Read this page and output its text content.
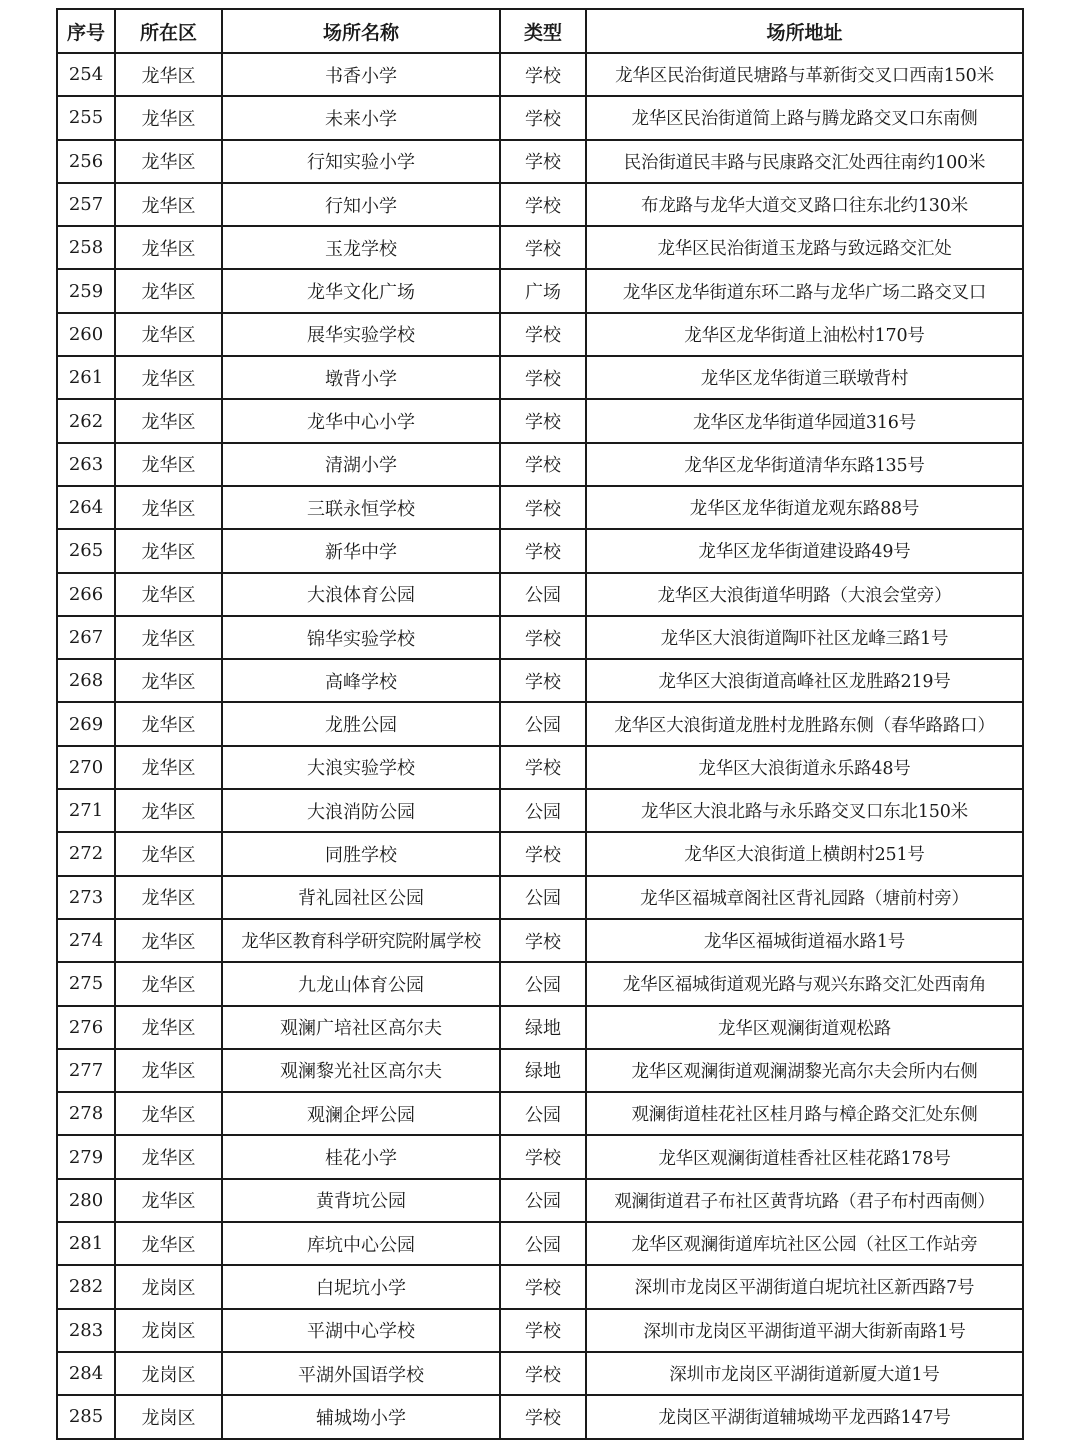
序号	所在区	场所名称	类型	场所地址
254	龙华区	书香小学	学校	龙华区民治街道民塘路与革新街交叉口西南150米
255	龙华区	未来小学	学校	龙华区民治街道简上路与腾龙路交叉口东南侧
256	龙华区	行知实验小学	学校	民治街道民丰路与民康路交汇处西往南约100米
257	龙华区	行知小学	学校	布龙路与龙华大道交叉路口往东北约130米
258	龙华区	玉龙学校	学校	龙华区民治街道玉龙路与致远路交汇处
259	龙华区	龙华文化广场	广场	龙华区龙华街道东环二路与龙华广场二路交叉口
260	龙华区	展华实验学校	学校	龙华区龙华街道上油松村170号
261	龙华区	墩背小学	学校	龙华区龙华街道三联墩背村
262	龙华区	龙华中心小学	学校	龙华区龙华街道华园道316号
263	龙华区	清湖小学	学校	龙华区龙华街道清华东路135号
264	龙华区	三联永恒学校	学校	龙华区龙华街道龙观东路88号
265	龙华区	新华中学	学校	龙华区龙华街道建设路49号
266	龙华区	大浪体育公园	公园	龙华区大浪街道华明路（大浪会堂旁）
267	龙华区	锦华实验学校	学校	龙华区大浪街道陶吓社区龙峰三路1号
268	龙华区	高峰学校	学校	龙华区大浪街道高峰社区龙胜路219号
269	龙华区	龙胜公园	公园	龙华区大浪街道龙胜村龙胜路东侧（春华路路口）
270	龙华区	大浪实验学校	学校	龙华区大浪街道永乐路48号
271	龙华区	大浪消防公园	公园	龙华区大浪北路与永乐路交叉口东北150米
272	龙华区	同胜学校	学校	龙华区大浪街道上横朗村251号
273	龙华区	背礼园社区公园	公园	龙华区福城章阁社区背礼园路（塘前村旁）
274	龙华区	龙华区教育科学研究院附属学校	学校	龙华区福城街道福水路1号
275	龙华区	九龙山体育公园	公园	龙华区福城街道观光路与观兴东路交汇处西南角
276	龙华区	观澜广培社区高尔夫	绿地	龙华区观澜街道观松路
277	龙华区	观澜黎光社区高尔夫	绿地	龙华区观澜街道观澜湖黎光高尔夫会所内右侧
278	龙华区	观澜企坪公园	公园	观澜街道桂花社区桂月路与樟企路交汇处东侧
279	龙华区	桂花小学	学校	龙华区观澜街道桂香社区桂花路178号
280	龙华区	黄背坑公园	公园	观澜街道君子布社区黄背坑路（君子布村西南侧）
281	龙华区	库坑中心公园	公园	龙华区观澜街道库坑社区公园（社区工作站旁
282	龙岗区	白坭坑小学	学校	深圳市龙岗区平湖街道白坭坑社区新西路7号
283	龙岗区	平湖中心学校	学校	深圳市龙岗区平湖街道平湖大街新南路1号
284	龙岗区	平湖外国语学校	学校	深圳市龙岗区平湖街道新厦大道1号
285	龙岗区	辅城坳小学	学校	龙岗区平湖街道辅城坳平龙西路147号
